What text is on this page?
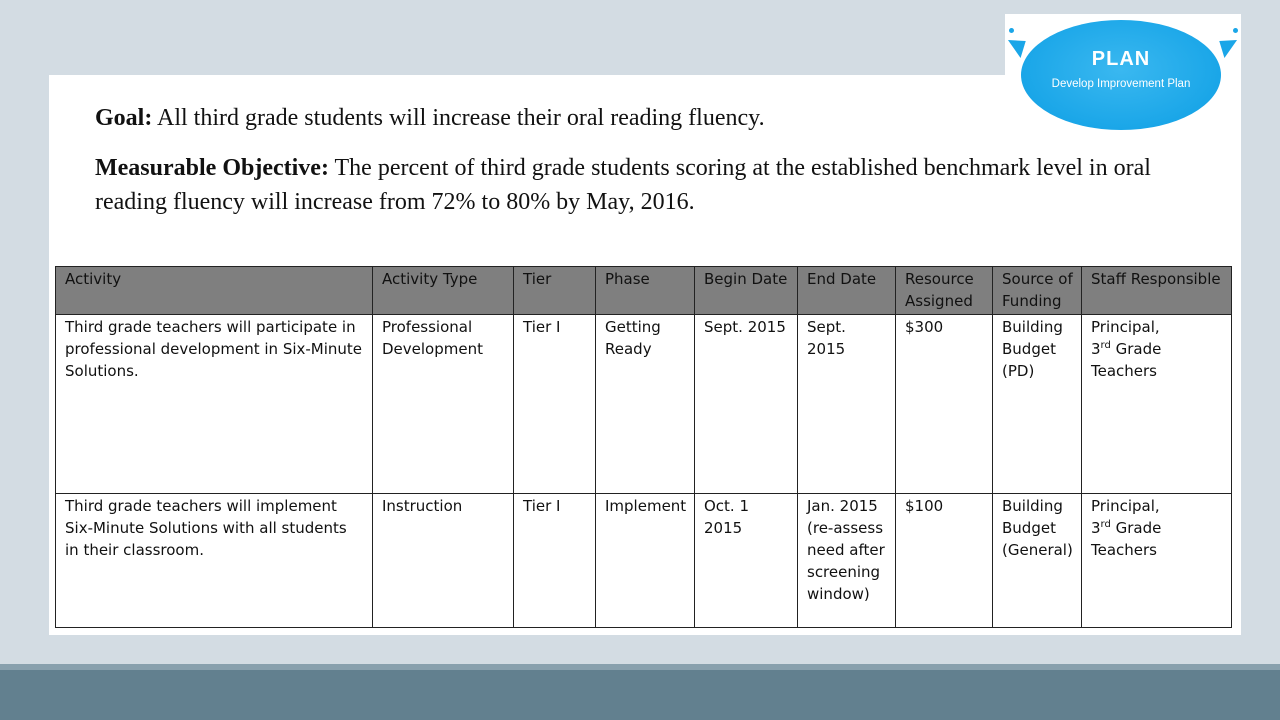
Goal: All third grade students will increase their oral reading fluency.
Measurable Objective: The percent of third grade students scoring at the established benchmark level in oral reading fluency will increase from 72% to 80% by May, 2016.
Activity	Activity Type	Tier	Phase	Begin Date	End Date	Resource Assigned	Source of Funding	Staff Responsible
Third grade teachers will participate in professional development in Six-Minute Solutions.	Professional Development	Tier I	Getting Ready	Sept. 2015	Sept. 2015	$300	Building Budget (PD)	Principal,
3rd Grade Teachers
Third grade teachers will implement Six-Minute Solutions with all students in their classroom.	Instruction	Tier I	Implement	Oct. 1 2015	Jan. 2015 (re-assess need after screening window)	$100	Building Budget (General)	Principal,
3rd Grade Teachers
PLAN
Develop Improvement Plan
